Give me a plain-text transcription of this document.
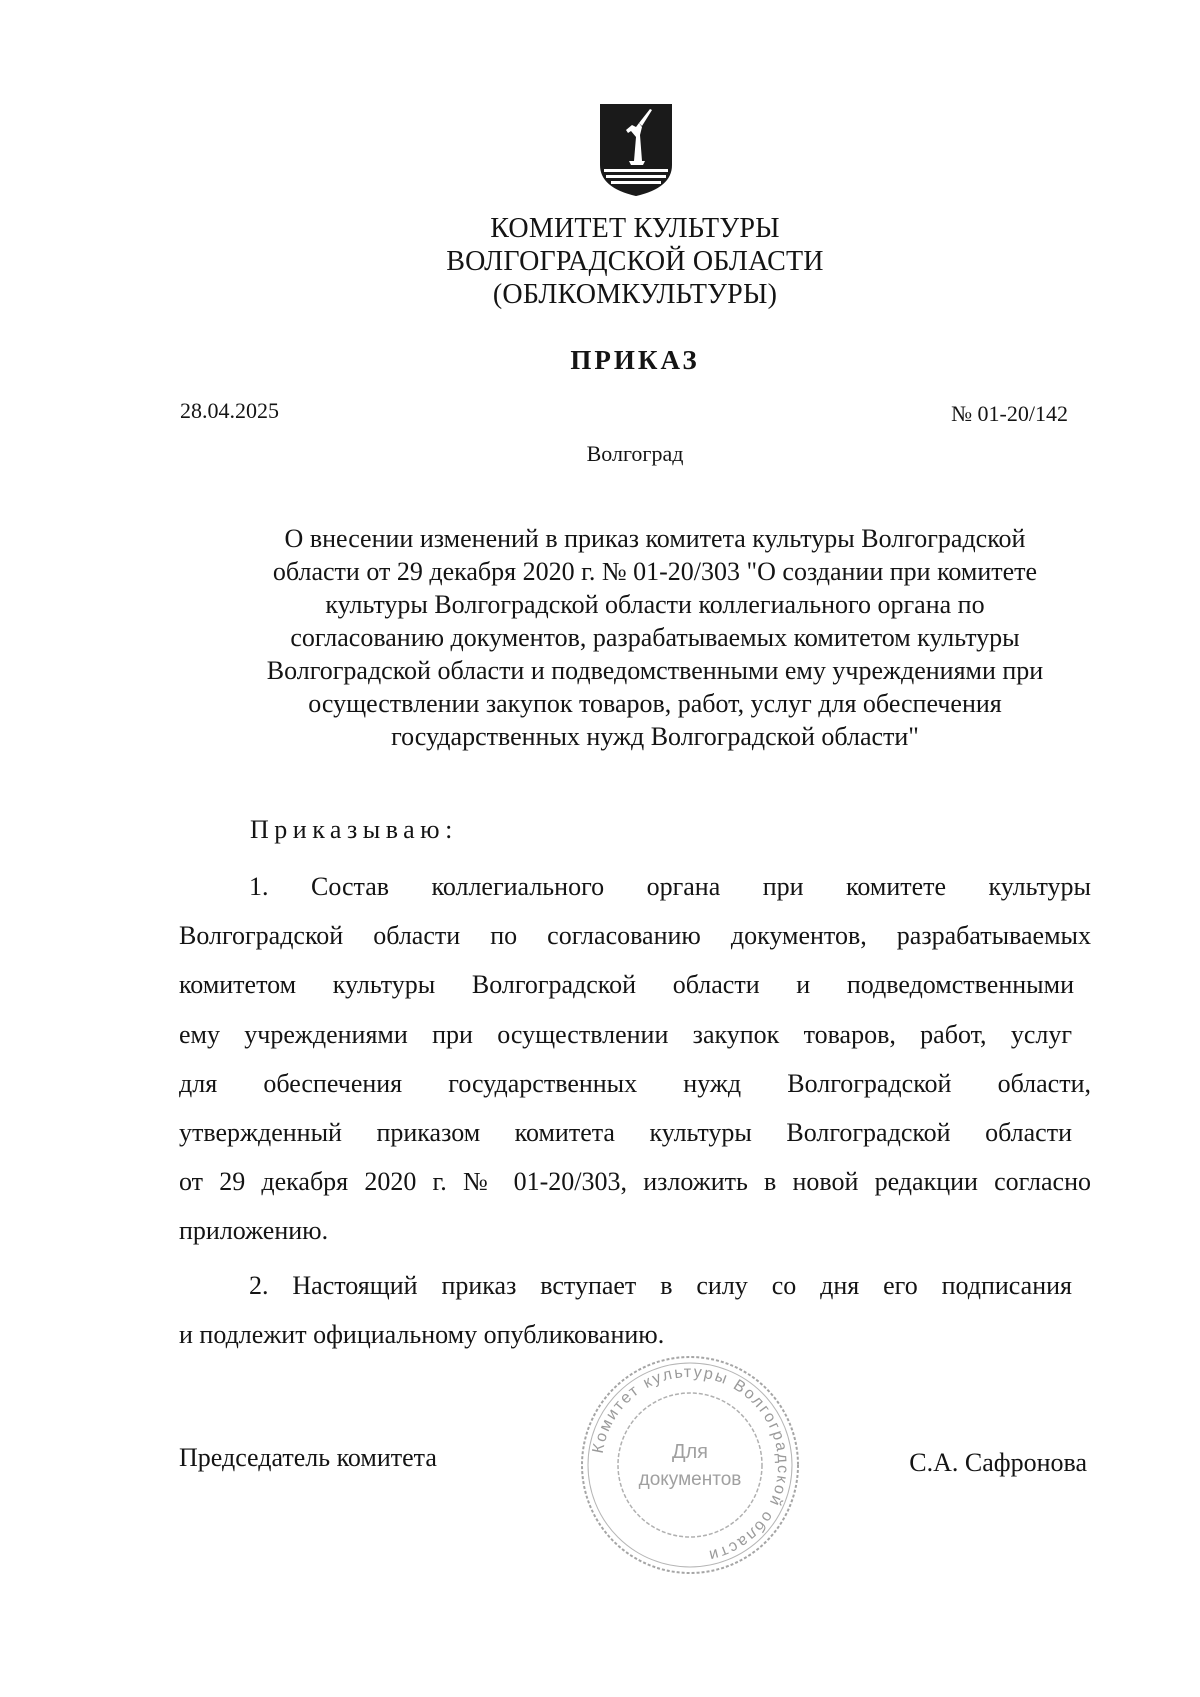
КОМИТЕТ КУЛЬТУРЫ
ВОЛГОГРАДСКОЙ ОБЛАСТИ
(ОБЛКОМКУЛЬТУРЫ)
ПРИКАЗ
28.04.2025	№ 01-20/142
Волгоград
О внесении изменений в приказ комитета культуры Волгоградской
области от 29 декабря 2020 г. № 01-20/303 "О создании при комитете
культуры Волгоградской области коллегиального органа по
согласованию документов, разрабатываемых комитетом культуры
Волгоградской области и подведомственными ему учреждениями при
осуществлении закупок товаров, работ, услуг для обеспечения
государственных нужд Волгоградской области"
Приказываю:
1. Состав коллегиального органа при комитете культуры
Волгоградской области по согласованию документов, разрабатываемых
комитетом культуры Волгоградской области и подведомственными
ему учреждениями при осуществлении закупок товаров, работ, услуг
для обеспечения государственных нужд Волгоградской области,
утвержденный приказом комитета культуры Волгоградской области
от 29 декабря 2020 г. № 01-20/303, изложить в новой редакции согласно
приложению.
2. Настоящий приказ вступает в силу со дня его подписания
и подлежит официальному опубликованию.
Председатель комитета	С.А. Сафронова
Комитет культуры Волгоградской области
Для
документов
